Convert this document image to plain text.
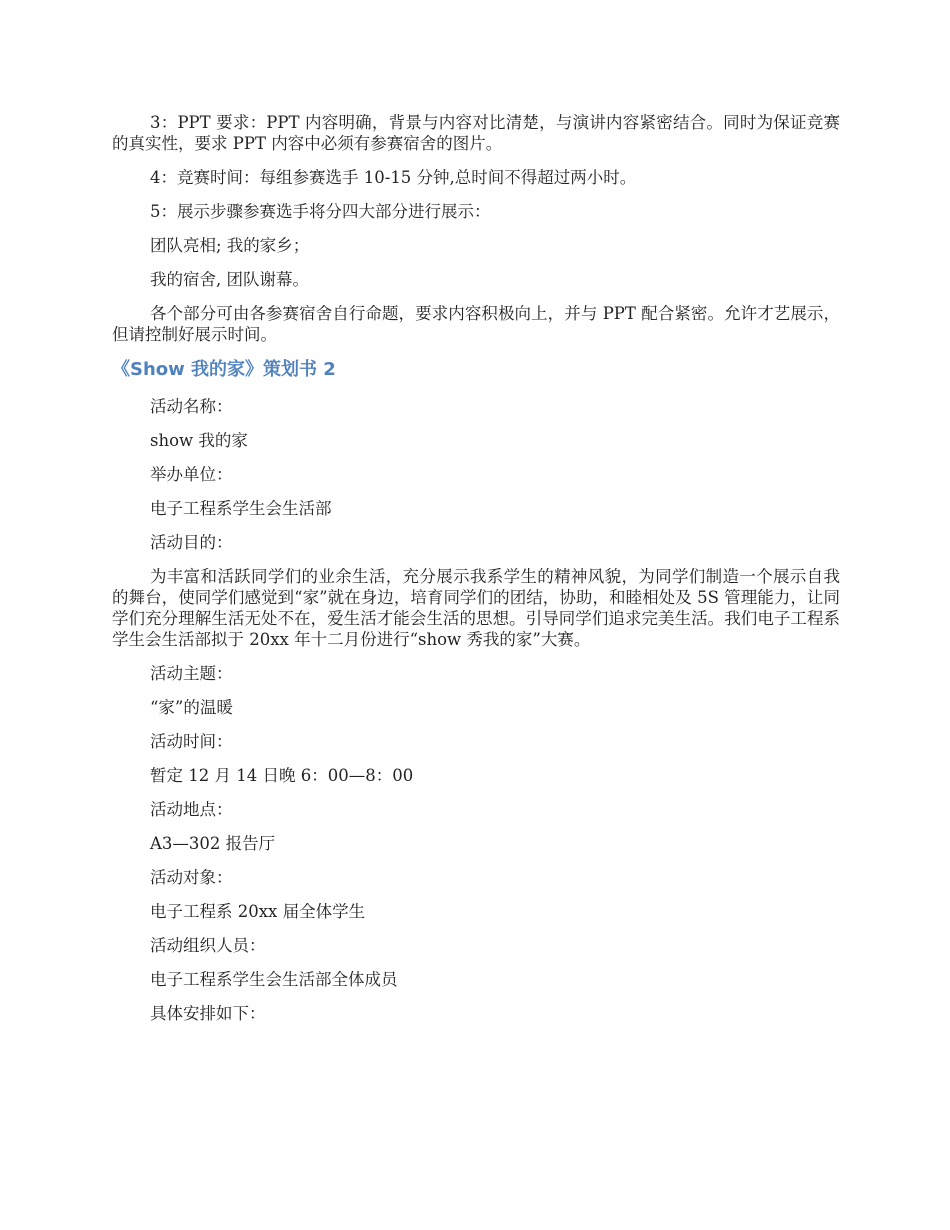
3：PPT 要求：PPT 内容明确，背景与内容对比清楚，与演讲内容紧密结合。同时为保证竞赛的真实性，要求 PPT 内容中必须有参赛宿舍的图片。

4：竞赛时间：每组参赛选手 10-15 分钟,总时间不得超过两小时。

5：展示步骤参赛选手将分四大部分进行展示：

团队亮相; 我的家乡；

我的宿舍, 团队谢幕。

各个部分可由各参赛宿舍自行命题，要求内容积极向上，并与 PPT 配合紧密。允许才艺展示，但请控制好展示时间。

《Show 我的家》策划书 2

活动名称：

show 我的家

举办单位：

电子工程系学生会生活部

活动目的：

为丰富和活跃同学们的业余生活，充分展示我系学生的精神风貌，为同学们制造一个展示自我的舞台，使同学们感觉到“家”就在身边，培育同学们的团结，协助，和睦相处及 5S 管理能力，让同学们充分理解生活无处不在，爱生活才能会生活的思想。引导同学们追求完美生活。我们电子工程系学生会生活部拟于 20xx 年十二月份进行“show 秀我的家”大赛。

活动主题：

“家”的温暖

活动时间：

暂定 12 月 14 日晚 6：00—8：00

活动地点：

A3—302 报告厅

活动对象：

电子工程系 20xx 届全体学生

活动组织人员：

电子工程系学生会生活部全体成员

具体安排如下：
